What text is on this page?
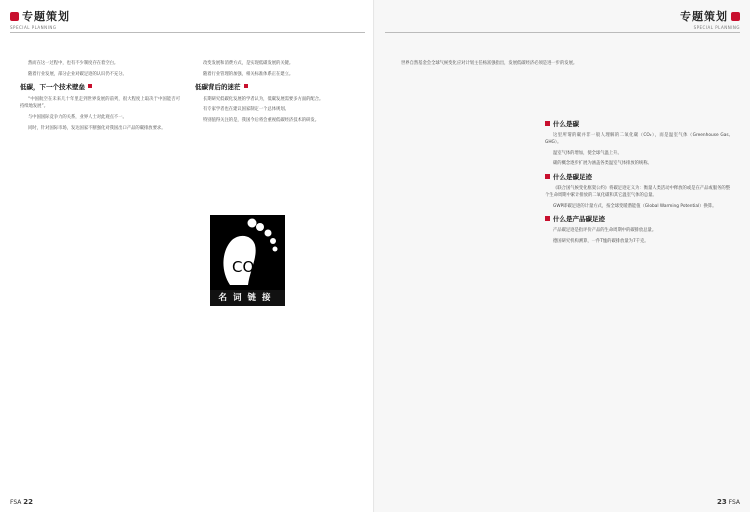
专题策划
SPECIAL PLANNING

然而在这一过程中，也有不少制度存在着空白。

随着行业发展，部分企业对碳足迹的认识仍不充分。

低碳，下一个技术壁垒

“中国航空在未来几十年里走到世界发展的前列，很大程度上取决于中国能否可持续地发展”。

与中国国际竞争力的关系，业界人士对此观点不一。

同时，针对国际市场，发达国家不断强化对我国出口产品的碳排放要求。

改变发展和消费方式，是实现低碳发展的关键。

随着行业管理的加强，相关标准体系正在建立。

低碳背后的迷茫

长期研究低碳化发展的学者认为，低碳发展需要多方面的配合。

有专家学者也在建议国家制定一个总体规划。

特别值得关注的是，我国今后将会重视低碳经济技术的研发。

CO 2
名词链接
FSA 22
专题策划
SPECIAL PLANNING

世界自然基金会全球气候变化应对计划主任杨富强指出，发展低碳经济必须是进一步的发展。

什么是碳

这里所谓的碳并非一般人理解的二氧化碳（CO₂），而是温室气体（Greenhouse Gas, GHG）。

温室气体的增加，使全球气温上升。

碳的概念逐步扩展为涵盖各类温室气体排放的统称。

什么是碳足迹

《联合国气候变化框架公约》将碳足迹定义为：衡量人类活动中释放的或是在产品或服务的整个生命周期中累计排放的二氧化碳和其它温室气体的总量。

GWP即碳足迹的计量方式，按全球变暖潜能值（Global Warming Potential）换算。

什么是产品碳足迹

产品碳足迹是指评价产品的生命周期中的碳排放总量。

德国研究机构测算，一件T恤的碳排放量为7千克。

23 FSA
